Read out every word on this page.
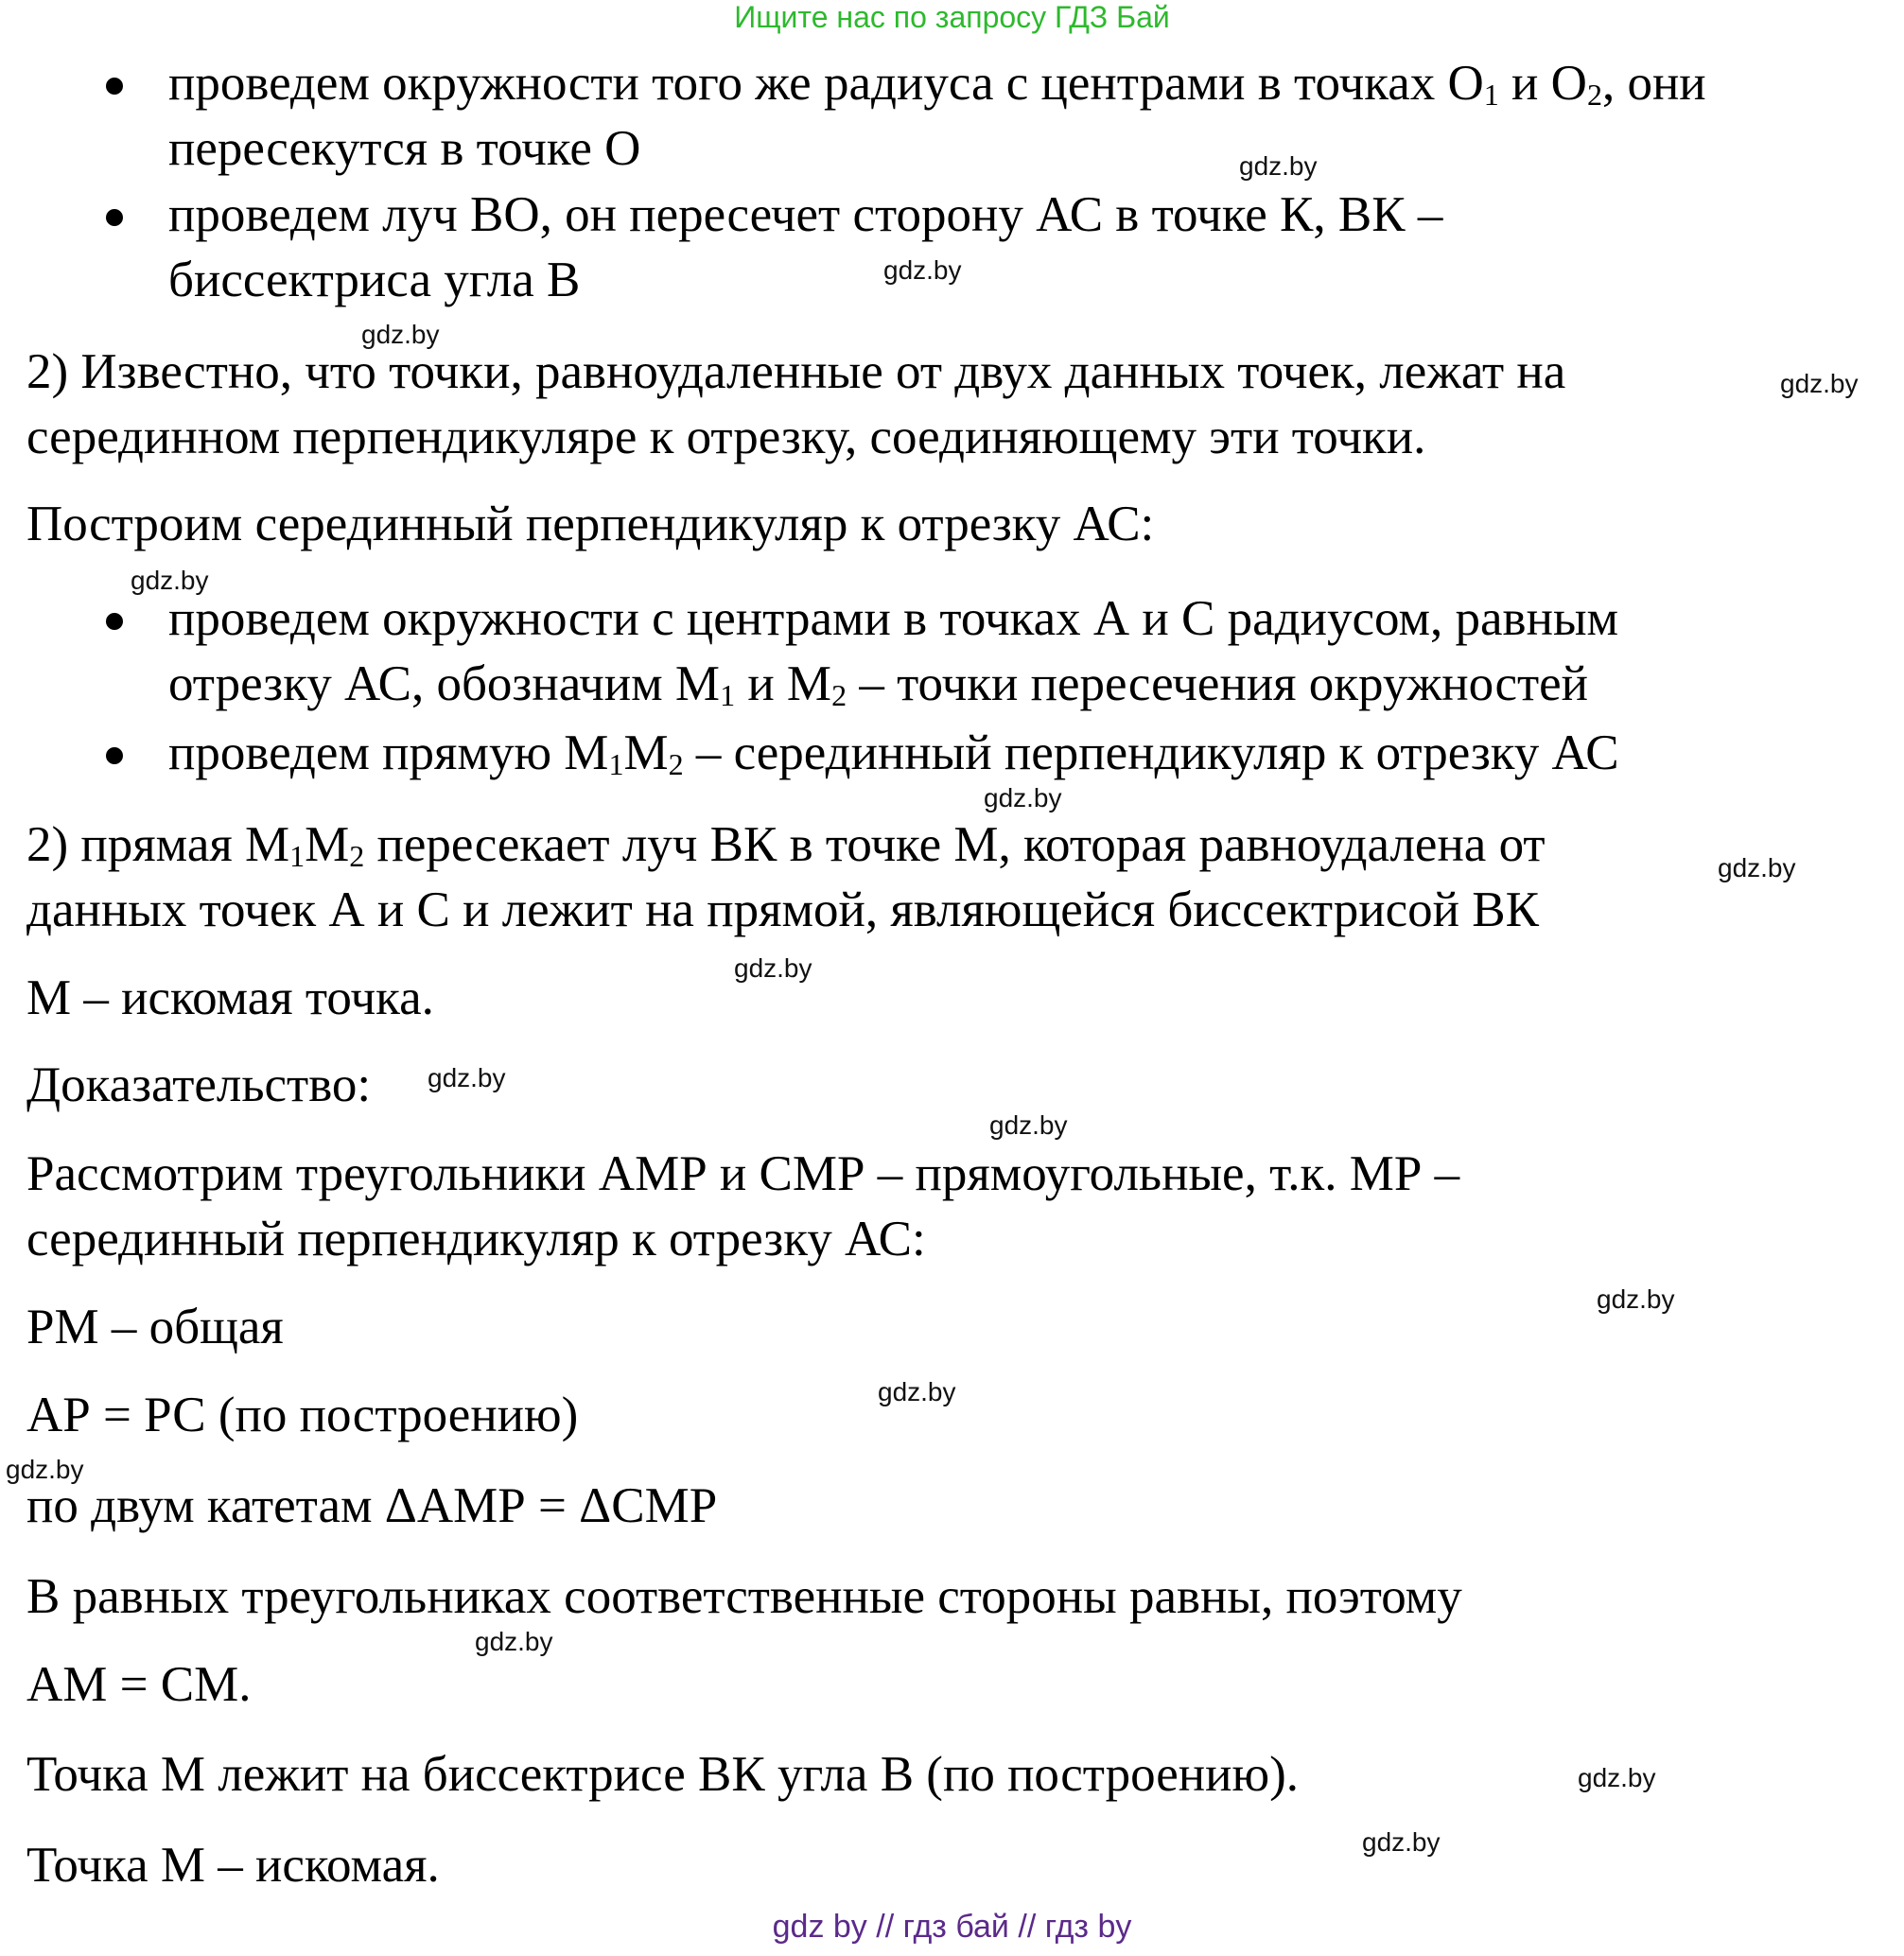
Ищите нас по запросу ГДЗ Бай
проведем окружности того же радиуса с центрами в точках $О_1$ и $О_2$, они
пересекутся в точке О
проведем луч ВО, он пересечет сторону АС в точке К, ВК –
биссектриса угла В
2) Известно, что точки, равноудаленные от двух данных точек, лежат на
серединном перпендикуляре к отрезку, соединяющему эти точки.
Построим серединный перпендикуляр к отрезку АС:
проведем окружности с центрами в точках А и С радиусом, равным
отрезку АС, обозначим $М_1$ и $М_2$ – точки пересечения окружностей
проведем прямую $М_1М_2$ – серединный перпендикуляр к отрезку АС
2) прямая $М_1М_2$ пересекает луч ВК в точке М, которая равноудалена от
данных точек А и С и лежит на прямой, являющейся биссектрисой ВК
М – искомая точка.
Доказательство:
Рассмотрим треугольники АМР и СМР – прямоугольные, т.к. МР –
серединный перпендикуляр к отрезку АС:
РМ – общая
АР = РС (по построению)
по двум катетам ΔАМР = ΔСМР
В равных треугольниках соответственные стороны равны, поэтому
АМ = СМ.
Точка М лежит на биссектрисе ВК угла В (по построению).
Точка М – искомая.
gdz.by
gdz.by
gdz.by
gdz.by
gdz.by
gdz.by
gdz.by
gdz.by
gdz.by
gdz.by
gdz.by
gdz.by
gdz.by
gdz.by
gdz.by
gdz.by
gdz by // гдз бай // гдз by
